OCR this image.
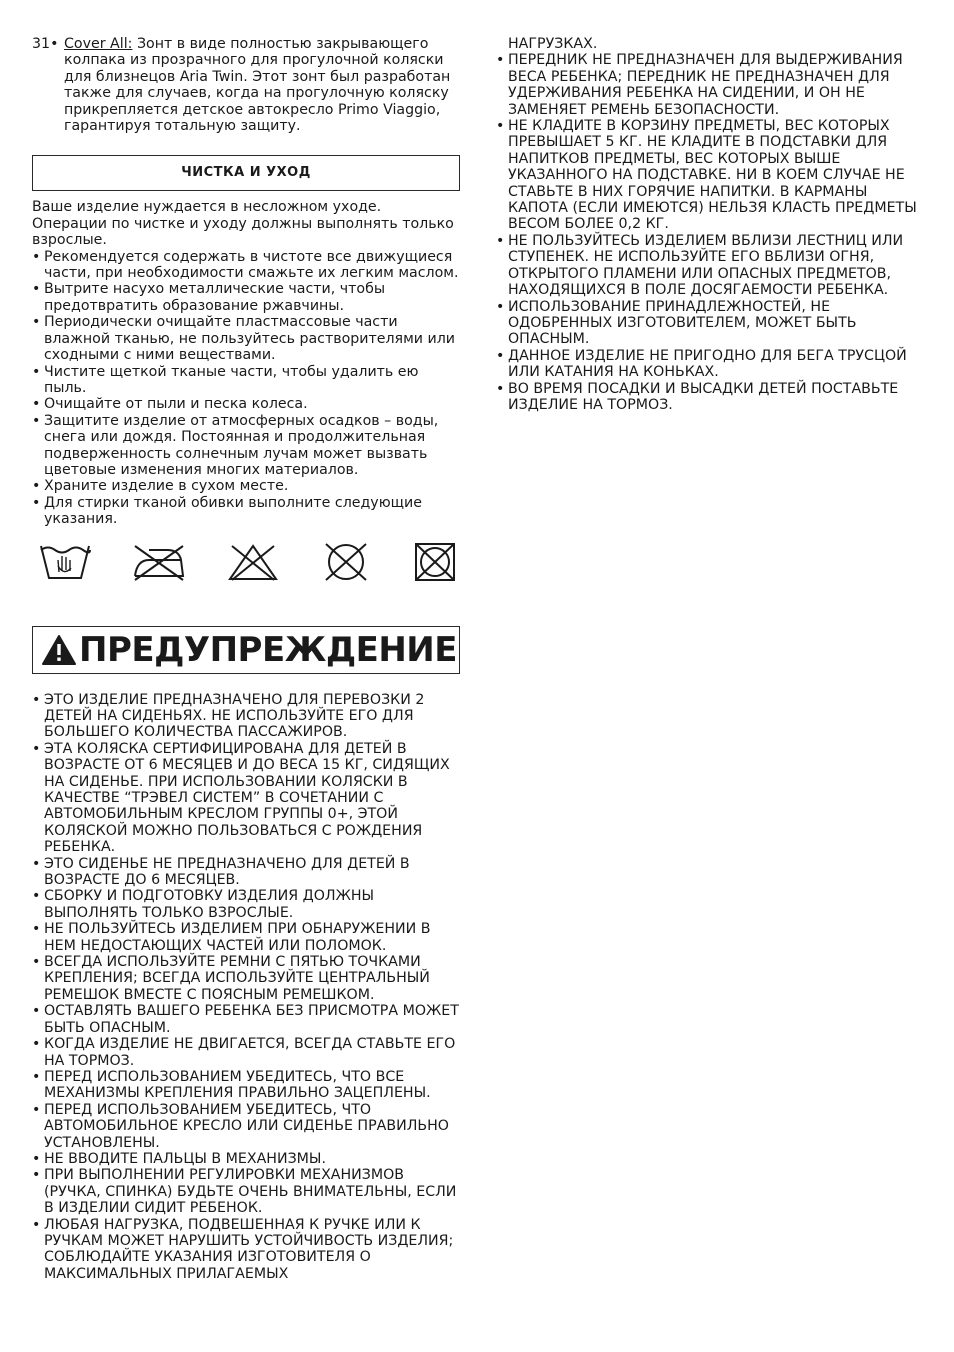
31• Cover All: Зонт в виде полностью закрывающего колпака из прозрачного для прогулочной коляски для близнецов Aria Twin. Этот зонт был разработан также для случаев, когда на прогулочную коляску прикрепляется детское автокресло Primo Viaggio, гарантируя тотальную защиту.
ЧИСТКА И УХОД

Ваше изделие нуждается в несложном уходе. Операции по чистке и уходу должны выполнять только взрослые.

• Рекомендуется содержать в чистоте все движущиеся части, при необходимости смажьте их легким маслом.
• Вытрите насухо металлические части, чтобы предотвратить образование ржавчины.
• Периодически очищайте пластмассовые части влажной тканью, не пользуйтесь растворителями или сходными с ними веществами.
• Чистите щеткой тканые части, чтобы удалить ею пыль.
• Очищайте от пыли и песка колеса.
• Защитите изделие от атмосферных осадков – воды, снега или дождя. Постоянная и продолжительная подверженность солнечным лучам может вызвать цветовые изменения многих материалов.
• Храните изделие в сухом месте.
• Для стирки тканой обивки выполните следующие указания.
ПРЕДУПРЕЖДЕНИЕ
• ЭТО ИЗДЕЛИЕ ПРЕДНАЗНАЧЕНО ДЛЯ ПЕРЕВОЗКИ 2 ДЕТЕЙ НА СИДЕНЬЯХ. НЕ ИСПОЛЬЗУЙТЕ ЕГО ДЛЯ БОЛЬШЕГО КОЛИЧЕСТВА ПАССАЖИРОВ.
• ЭТА КОЛЯСКА СЕРТИФИЦИРОВАНА ДЛЯ ДЕТЕЙ В ВОЗРАСТЕ ОТ 6 МЕСЯЦЕВ И ДО ВЕСА 15 КГ, СИДЯЩИХ НА СИДЕНЬЕ. ПРИ ИСПОЛЬЗОВАНИИ КОЛЯСКИ В КАЧЕСТВЕ “ТРЭВЕЛ СИСТЕМ” В СОЧЕТАНИИ С АВТОМОБИЛЬНЫМ КРЕСЛОМ ГРУППЫ 0+, ЭТОЙ КОЛЯСКОЙ МОЖНО ПОЛЬЗОВАТЬСЯ С РОЖДЕНИЯ РЕБЕНКА.
• ЭТО СИДЕНЬЕ НЕ ПРЕДНАЗНАЧЕНО ДЛЯ ДЕТЕЙ В ВОЗРАСТЕ ДО 6 МЕСЯЦЕВ.
• СБОРКУ И ПОДГОТОВКУ ИЗДЕЛИЯ ДОЛЖНЫ ВЫПОЛНЯТЬ ТОЛЬКО ВЗРОСЛЫЕ.
• НЕ ПОЛЬЗУЙТЕСЬ ИЗДЕЛИЕМ ПРИ ОБНАРУЖЕНИИ В НЕМ НЕДОСТАЮЩИХ ЧАСТЕЙ ИЛИ ПОЛОМОК.
• ВСЕГДА ИСПОЛЬЗУЙТЕ РЕМНИ С ПЯТЬЮ ТОЧКАМИ КРЕПЛЕНИЯ; ВСЕГДА ИСПОЛЬЗУЙТЕ ЦЕНТРАЛЬНЫЙ РЕМЕШОК ВМЕСТЕ С ПОЯСНЫМ РЕМЕШКОМ.
• ОСТАВЛЯТЬ ВАШЕГО РЕБЕНКА БЕЗ ПРИСМОТРА МОЖЕТ БЫТЬ ОПАСНЫМ.
• КОГДА ИЗДЕЛИЕ НЕ ДВИГАЕТСЯ, ВСЕГДА СТАВЬТЕ ЕГО НА ТОРМОЗ.
• ПЕРЕД ИСПОЛЬЗОВАНИЕМ УБЕДИТЕСЬ, ЧТО ВСЕ МЕХАНИЗМЫ КРЕПЛЕНИЯ ПРАВИЛЬНО ЗАЦЕПЛЕНЫ.
• ПЕРЕД ИСПОЛЬЗОВАНИЕМ УБЕДИТЕСЬ, ЧТО АВТОМОБИЛЬНОЕ КРЕСЛО ИЛИ СИДЕНЬЕ ПРАВИЛЬНО УСТАНОВЛЕНЫ.
• НЕ ВВОДИТЕ ПАЛЬЦЫ В МЕХАНИЗМЫ.
• ПРИ ВЫПОЛНЕНИИ РЕГУЛИРОВКИ МЕХАНИЗМОВ (РУЧКА, СПИНКА) БУДЬТЕ ОЧЕНЬ ВНИМАТЕЛЬНЫ, ЕСЛИ В ИЗДЕЛИИ СИДИТ РЕБЕНОК.
• ЛЮБАЯ НАГРУЗКА, ПОДВЕШЕННАЯ К РУЧКЕ ИЛИ К РУЧКАМ МОЖЕТ НАРУШИТЬ УСТОЙЧИВОСТЬ ИЗДЕЛИЯ; СОБЛЮДАЙТЕ УКАЗАНИЯ ИЗГОТОВИТЕЛЯ О МАКСИМАЛЬНЫХ ПРИЛАГАЕМЫХ

НАГРУЗКАХ.

• ПЕРЕДНИК НЕ ПРЕДНАЗНАЧЕН ДЛЯ ВЫДЕРЖИВАНИЯ ВЕСА РЕБЕНКА; ПЕРЕДНИК НЕ ПРЕДНАЗНАЧЕН ДЛЯ УДЕРЖИВАНИЯ РЕБЕНКА НА СИДЕНИИ, И ОН НЕ ЗАМЕНЯЕТ РЕМЕНЬ БЕЗОПАСНОСТИ.
• НЕ КЛАДИТЕ В КОРЗИНУ ПРЕДМЕТЫ, ВЕС КОТОРЫХ ПРЕВЫШАЕТ 5 КГ. НЕ КЛАДИТЕ В ПОДСТАВКИ ДЛЯ НАПИТКОВ ПРЕДМЕТЫ, ВЕС КОТОРЫХ ВЫШЕ УКАЗАННОГО НА ПОДСТАВКЕ. НИ В КОЕМ СЛУЧАЕ НЕ СТАВЬТЕ В НИХ ГОРЯЧИЕ НАПИТКИ. В КАРМАНЫ КАПОТА (ЕСЛИ ИМЕЮТСЯ) НЕЛЬЗЯ КЛАСТЬ ПРЕДМЕТЫ ВЕСОМ БОЛЕЕ 0,2 КГ.
• НЕ ПОЛЬЗУЙТЕСЬ ИЗДЕЛИЕМ ВБЛИЗИ ЛЕСТНИЦ ИЛИ СТУПЕНЕК. НЕ ИСПОЛЬЗУЙТЕ ЕГО ВБЛИЗИ ОГНЯ, ОТКРЫТОГО ПЛАМЕНИ ИЛИ ОПАСНЫХ ПРЕДМЕТОВ, НАХОДЯЩИХСЯ В ПОЛЕ ДОСЯГАЕМОСТИ РЕБЕНКА.
• ИСПОЛЬЗОВАНИЕ ПРИНАДЛЕЖНОСТЕЙ, НЕ ОДОБРЕННЫХ ИЗГОТОВИТЕЛЕМ, МОЖЕТ БЫТЬ ОПАСНЫМ.
• ДАННОЕ ИЗДЕЛИЕ НЕ ПРИГОДНО ДЛЯ БЕГА ТРУСЦОЙ ИЛИ КАТАНИЯ НА КОНЬКАХ.
• ВО ВРЕМЯ ПОСАДКИ И ВЫСАДКИ ДЕТЕЙ ПОСТАВЬТЕ ИЗДЕЛИЕ НА ТОРМОЗ.
